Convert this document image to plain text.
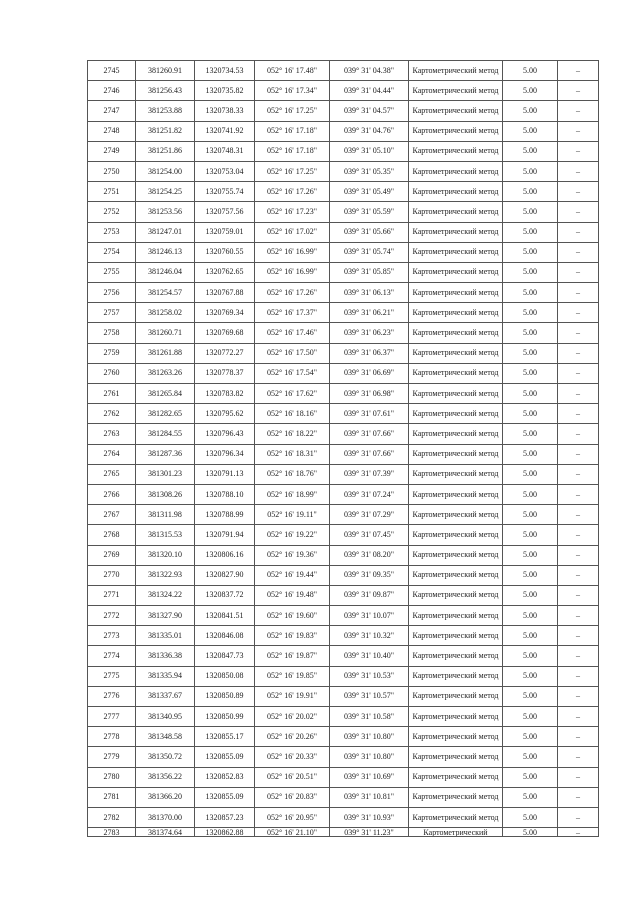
2745	381260.91	1320734.53	052° 16' 17.48"	039° 31' 04.38"	Картометрический метод	5.00	–
2746	381256.43	1320735.82	052° 16' 17.34"	039° 31' 04.44"	Картометрический метод	5.00	–
2747	381253.88	1320738.33	052° 16' 17.25"	039° 31' 04.57"	Картометрический метод	5.00	–
2748	381251.82	1320741.92	052° 16' 17.18"	039° 31' 04.76"	Картометрический метод	5.00	–
2749	381251.86	1320748.31	052° 16' 17.18"	039° 31' 05.10"	Картометрический метод	5.00	–
2750	381254.00	1320753.04	052° 16' 17.25"	039° 31' 05.35"	Картометрический метод	5.00	–
2751	381254.25	1320755.74	052° 16' 17.26"	039° 31' 05.49"	Картометрический метод	5.00	–
2752	381253.56	1320757.56	052° 16' 17.23"	039° 31' 05.59"	Картометрический метод	5.00	–
2753	381247.01	1320759.01	052° 16' 17.02"	039° 31' 05.66"	Картометрический метод	5.00	–
2754	381246.13	1320760.55	052° 16' 16.99"	039° 31' 05.74"	Картометрический метод	5.00	–
2755	381246.04	1320762.65	052° 16' 16.99"	039° 31' 05.85"	Картометрический метод	5.00	–
2756	381254.57	1320767.88	052° 16' 17.26"	039° 31' 06.13"	Картометрический метод	5.00	–
2757	381258.02	1320769.34	052° 16' 17.37"	039° 31' 06.21"	Картометрический метод	5.00	–
2758	381260.71	1320769.68	052° 16' 17.46"	039° 31' 06.23"	Картометрический метод	5.00	–
2759	381261.88	1320772.27	052° 16' 17.50"	039° 31' 06.37"	Картометрический метод	5.00	–
2760	381263.26	1320778.37	052° 16' 17.54"	039° 31' 06.69"	Картометрический метод	5.00	–
2761	381265.84	1320783.82	052° 16' 17.62"	039° 31' 06.98"	Картометрический метод	5.00	–
2762	381282.65	1320795.62	052° 16' 18.16"	039° 31' 07.61"	Картометрический метод	5.00	–
2763	381284.55	1320796.43	052° 16' 18.22"	039° 31' 07.66"	Картометрический метод	5.00	–
2764	381287.36	1320796.34	052° 16' 18.31"	039° 31' 07.66"	Картометрический метод	5.00	–
2765	381301.23	1320791.13	052° 16' 18.76"	039° 31' 07.39"	Картометрический метод	5.00	–
2766	381308.26	1320788.10	052° 16' 18.99"	039° 31' 07.24"	Картометрический метод	5.00	–
2767	381311.98	1320788.99	052° 16' 19.11"	039° 31' 07.29"	Картометрический метод	5.00	–
2768	381315.53	1320791.94	052° 16' 19.22"	039° 31' 07.45"	Картометрический метод	5.00	–
2769	381320.10	1320806.16	052° 16' 19.36"	039° 31' 08.20"	Картометрический метод	5.00	–
2770	381322.93	1320827.90	052° 16' 19.44"	039° 31' 09.35"	Картометрический метод	5.00	–
2771	381324.22	1320837.72	052° 16' 19.48"	039° 31' 09.87"	Картометрический метод	5.00	–
2772	381327.90	1320841.51	052° 16' 19.60"	039° 31' 10.07"	Картометрический метод	5.00	–
2773	381335.01	1320846.08	052° 16' 19.83"	039° 31' 10.32"	Картометрический метод	5.00	–
2774	381336.38	1320847.73	052° 16' 19.87"	039° 31' 10.40"	Картометрический метод	5.00	–
2775	381335.94	1320850.08	052° 16' 19.85"	039° 31' 10.53"	Картометрический метод	5.00	–
2776	381337.67	1320850.89	052° 16' 19.91"	039° 31' 10.57"	Картометрический метод	5.00	–
2777	381340.95	1320850.99	052° 16' 20.02"	039° 31' 10.58"	Картометрический метод	5.00	–
2778	381348.58	1320855.17	052° 16' 20.26"	039° 31' 10.80"	Картометрический метод	5.00	–
2779	381350.72	1320855.09	052° 16' 20.33"	039° 31' 10.80"	Картометрический метод	5.00	–
2780	381356.22	1320852.83	052° 16' 20.51"	039° 31' 10.69"	Картометрический метод	5.00	–
2781	381366.20	1320855.09	052° 16' 20.83"	039° 31' 10.81"	Картометрический метод	5.00	–
2782	381370.00	1320857.23	052° 16' 20.95"	039° 31' 10.93"	Картометрический метод	5.00	–
2783	381374.64	1320862.88	052° 16' 21.10"	039° 31' 11.23"	Картометрический	5.00	–
